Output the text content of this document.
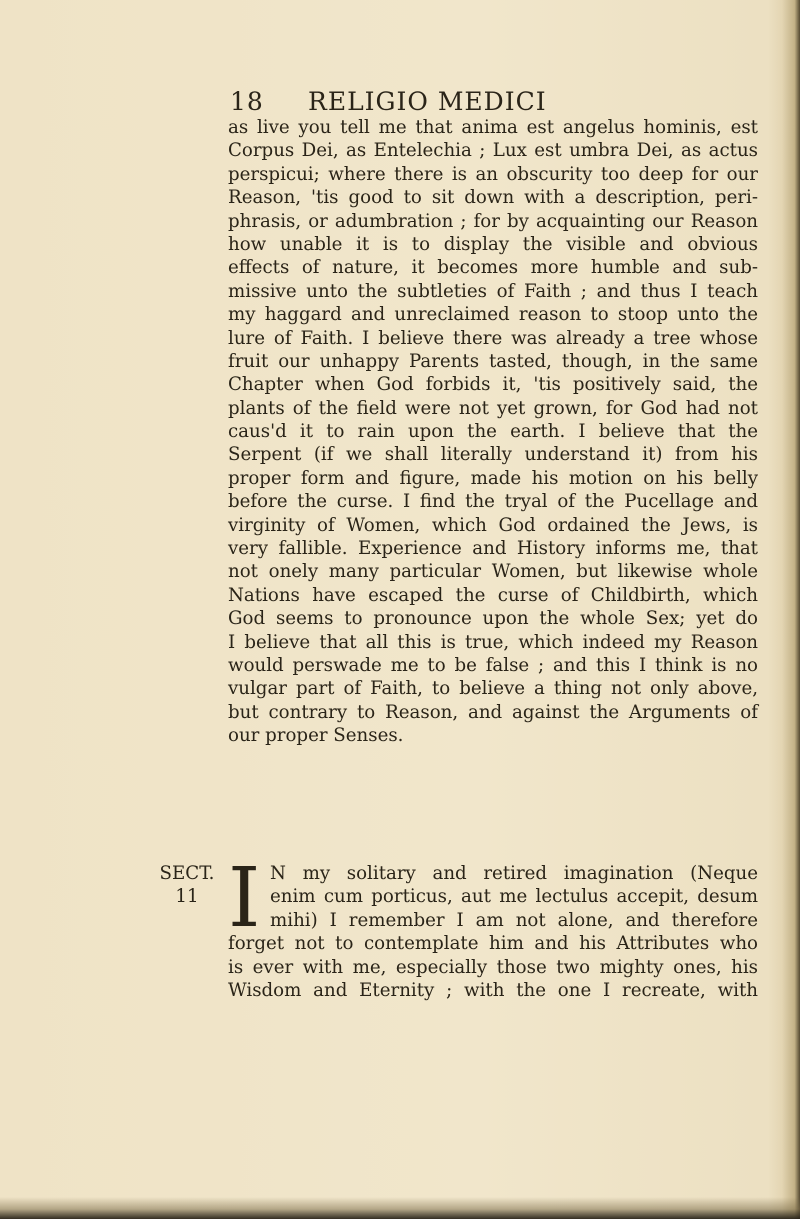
18 RELIGIO MEDICI
as live you tell me that anima est angelus hominis, est
Corpus Dei, as Entelechia ; Lux est umbra Dei, as actus
perspicui; where there is an obscurity too deep for our
Reason, 'tis good to sit down with a description, peri-
phrasis, or adumbration ; for by acquainting our Reason
how unable it is to display the visible and obvious
effects of nature, it becomes more humble and sub-
missive unto the subtleties of Faith ; and thus I teach
my haggard and unreclaimed reason to stoop unto the
lure of Faith. I believe there was already a tree whose
fruit our unhappy Parents tasted, though, in the same
Chapter when God forbids it, 'tis positively said, the
plants of the field were not yet grown, for God had not
caus'd it to rain upon the earth. I believe that the
Serpent (if we shall literally understand it) from his
proper form and figure, made his motion on his belly
before the curse. I find the tryal of the Pucellage and
virginity of Women, which God ordained the Jews, is
very fallible. Experience and History informs me, that
not onely many particular Women, but likewise whole
Nations have escaped the curse of Childbirth, which
God seems to pronounce upon the whole Sex; yet do
I believe that all this is true, which indeed my Reason
would perswade me to be false ; and this I think is no
vulgar part of Faith, to believe a thing not only above,
but contrary to Reason, and against the Arguments of
our proper Senses.
SECT.
11 I N my solitary and retired imagination (Neque
enim cum porticus, aut me lectulus accepit, desum
mihi) I remember I am not alone, and therefore
forget not to contemplate him and his Attributes who
is ever with me, especially those two mighty ones, his
Wisdom and Eternity ; with the one I recreate, with
